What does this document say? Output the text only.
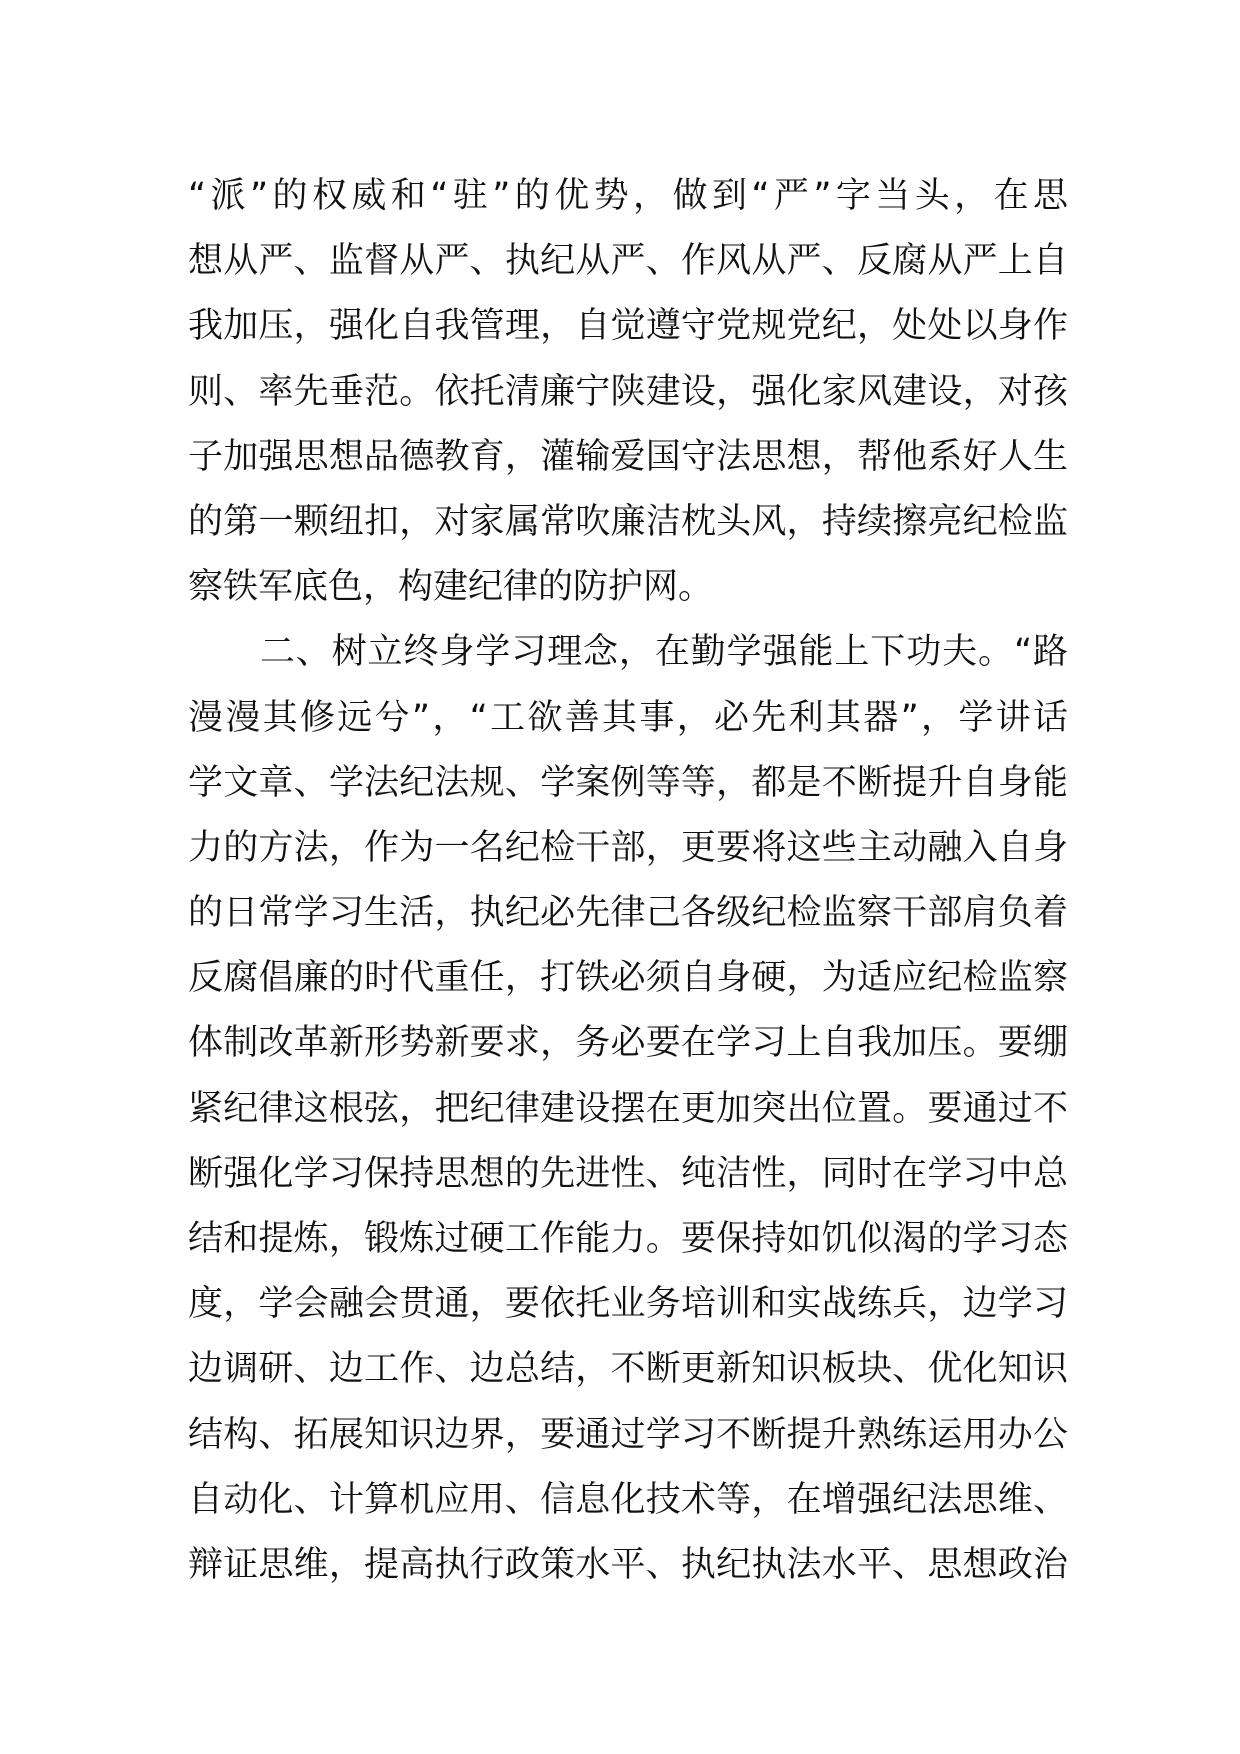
“派”的权威和“驻”的优势，做到“严”字当头，在思
想从严、监督从严、执纪从严、作风从严、反腐从严上自
我加压，强化自我管理，自觉遵守党规党纪，处处以身作
则、率先垂范。依托清廉宁陕建设，强化家风建设，对孩
子加强思想品德教育，灌输爱国守法思想，帮他系好人生
的第一颗纽扣，对家属常吹廉洁枕头风，持续擦亮纪检监
察铁军底色，构建纪律的防护网。
　　二、树立终身学习理念，在勤学强能上下功夫。“路
漫漫其修远兮”，“工欲善其事，必先利其器”，学讲话
学文章、学法纪法规、学案例等等，都是不断提升自身能
力的方法，作为一名纪检干部，更要将这些主动融入自身
的日常学习生活，执纪必先律己各级纪检监察干部肩负着
反腐倡廉的时代重任，打铁必须自身硬，为适应纪检监察
体制改革新形势新要求，务必要在学习上自我加压。要绷
紧纪律这根弦，把纪律建设摆在更加突出位置。要通过不
断强化学习保持思想的先进性、纯洁性，同时在学习中总
结和提炼，锻炼过硬工作能力。要保持如饥似渴的学习态
度，学会融会贯通，要依托业务培训和实战练兵，边学习
边调研、边工作、边总结，不断更新知识板块、优化知识
结构、拓展知识边界，要通过学习不断提升熟练运用办公
自动化、计算机应用、信息化技术等，在增强纪法思维、
辩证思维，提高执行政策水平、执纪执法水平、思想政治
